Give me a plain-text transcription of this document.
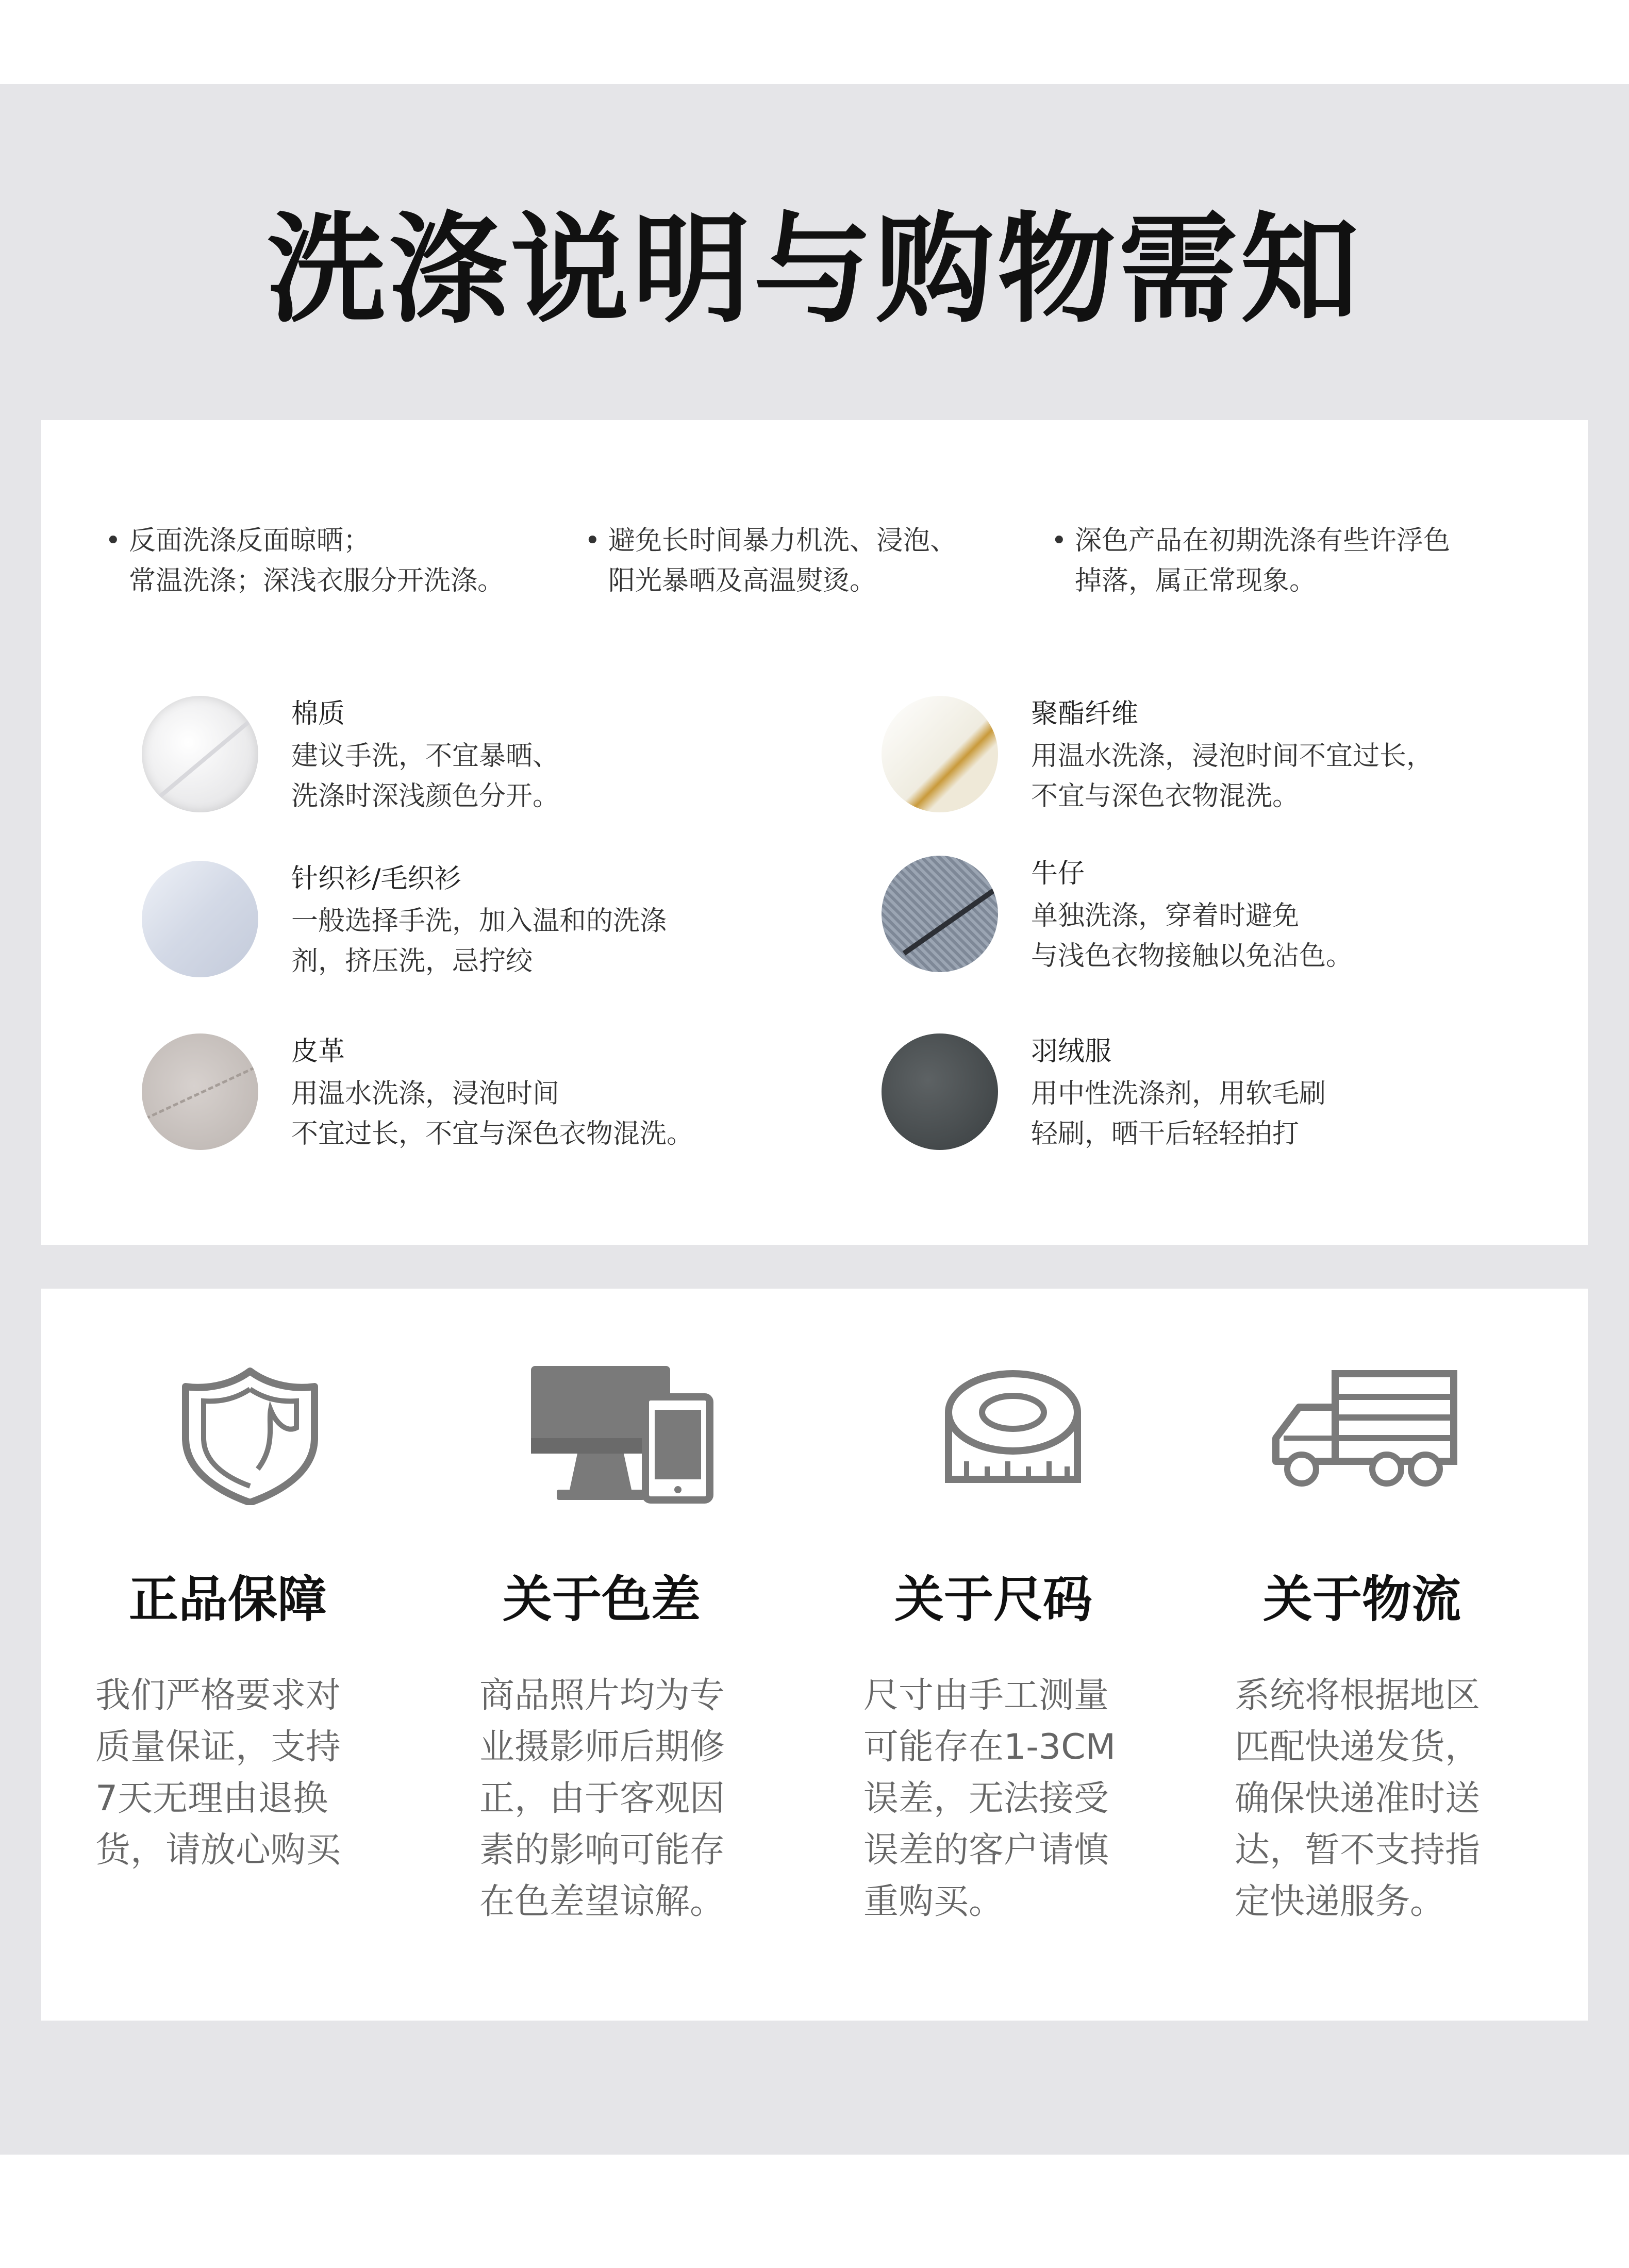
洗涤说明与购物需知
• 反面洗涤反面晾晒；
常温洗涤；深浅衣服分开洗涤。
• 避免长时间暴力机洗、浸泡、
阳光暴晒及高温熨烫。
• 深色产品在初期洗涤有些许浮色
掉落，属正常现象。
棉质
建议手洗，不宜暴晒、
洗涤时深浅颜色分开。
聚酯纤维
用温水洗涤，浸泡时间不宜过长，
不宜与深色衣物混洗。
针织衫/毛织衫
一般选择手洗，加入温和的洗涤
剂，挤压洗，忌拧绞
牛仔
单独洗涤，穿着时避免
与浅色衣物接触以免沾色。
皮革
用温水洗涤，浸泡时间
不宜过长，不宜与深色衣物混洗。
羽绒服
用中性洗涤剂，用软毛刷
轻刷，晒干后轻轻拍打
正品保障
我们严格要求对
质量保证，支持
7天无理由退换
货，请放心购买
关于色差
商品照片均为专
业摄影师后期修
正，由于客观因
素的影响可能存
在色差望谅解。
关于尺码
尺寸由手工测量
可能存在1-3CM
误差，无法接受
误差的客户请慎
重购买。
关于物流
系统将根据地区
匹配快递发货，
确保快递准时送
达，暂不支持指
定快递服务。
